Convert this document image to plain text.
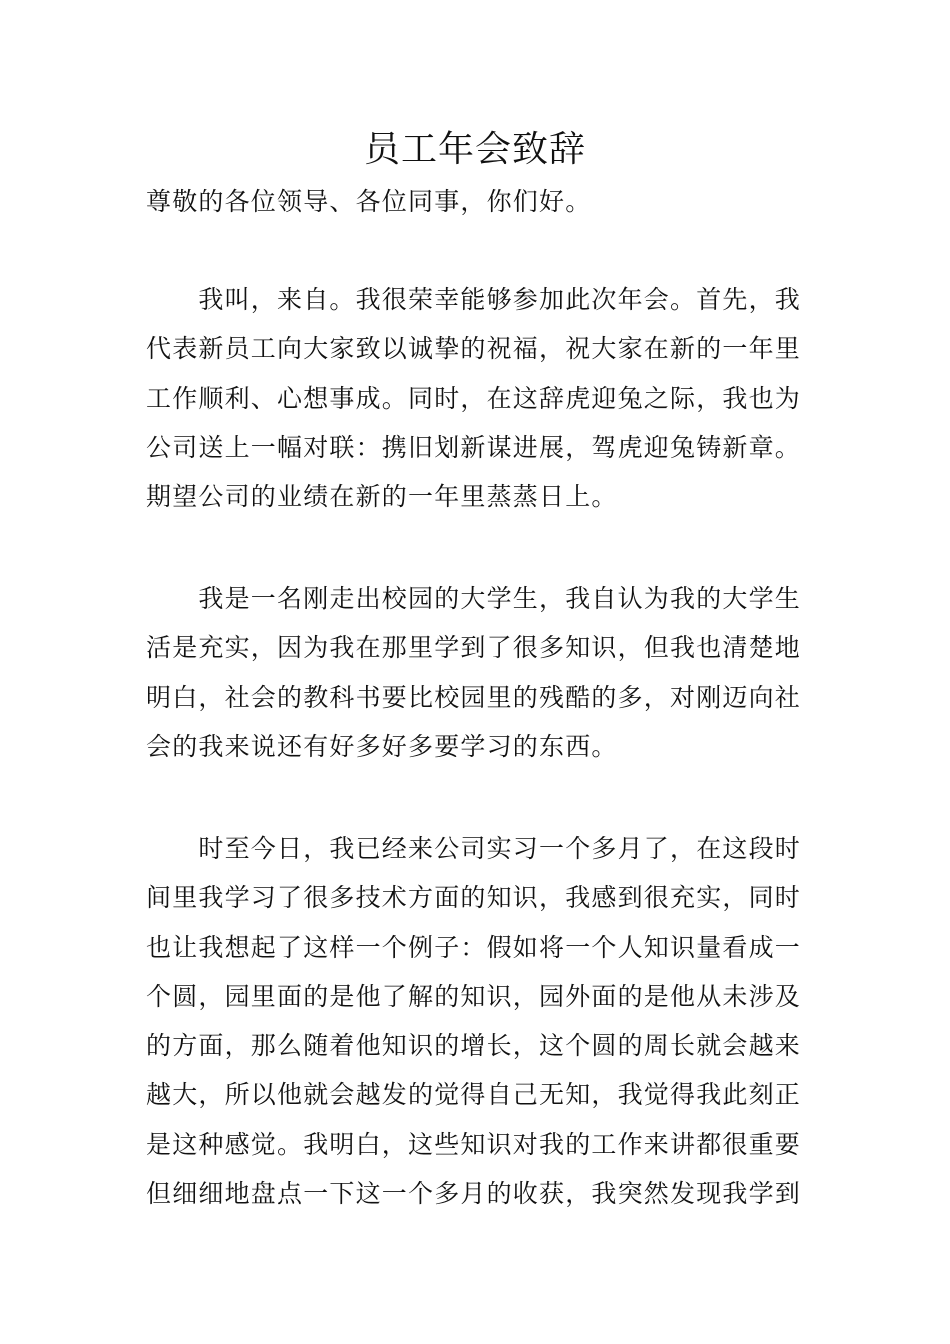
员工年会致辞
尊敬的各位领导、各位同事，你们好。
　　我叫，来自。我很荣幸能够参加此次年会。首先，我
代表新员工向大家致以诚挚的祝福，祝大家在新的一年里
工作顺利、心想事成。同时，在这辞虎迎兔之际，我也为
公司送上一幅对联：携旧划新谋进展，驾虎迎兔铸新章。
期望公司的业绩在新的一年里蒸蒸日上。
　　我是一名刚走出校园的大学生，我自认为我的大学生
活是充实，因为我在那里学到了很多知识，但我也清楚地
明白，社会的教科书要比校园里的残酷的多，对刚迈向社
会的我来说还有好多好多要学习的东西。
　　时至今日，我已经来公司实习一个多月了，在这段时
间里我学习了很多技术方面的知识，我感到很充实，同时
也让我想起了这样一个例子：假如将一个人知识量看成一
个圆，园里面的是他了解的知识，园外面的是他从未涉及
的方面，那么随着他知识的增长，这个圆的周长就会越来
越大，所以他就会越发的觉得自己无知，我觉得我此刻正
是这种感觉。我明白，这些知识对我的工作来讲都很重要
但细细地盘点一下这一个多月的收获，我突然发现我学到
